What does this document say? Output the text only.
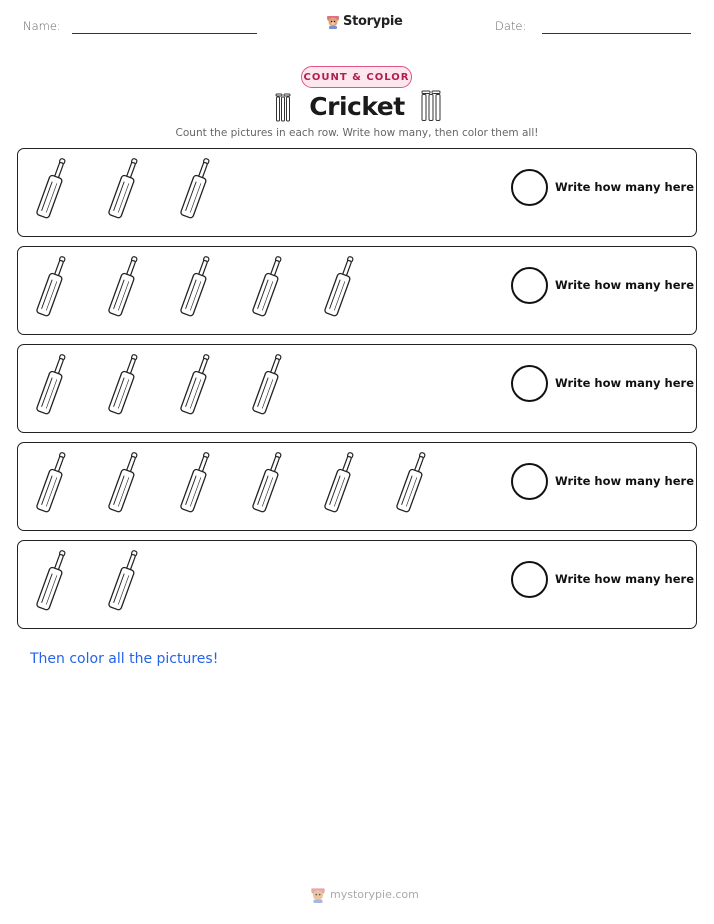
Name:	Storypie	Date:
COUNT & COLOR
Cricket
Count the pictures in each row. Write how many, then color them all!
Write how many here
Write how many here
Write how many here
Write how many here
Write how many here
Then color all the pictures!
mystorypie.com
